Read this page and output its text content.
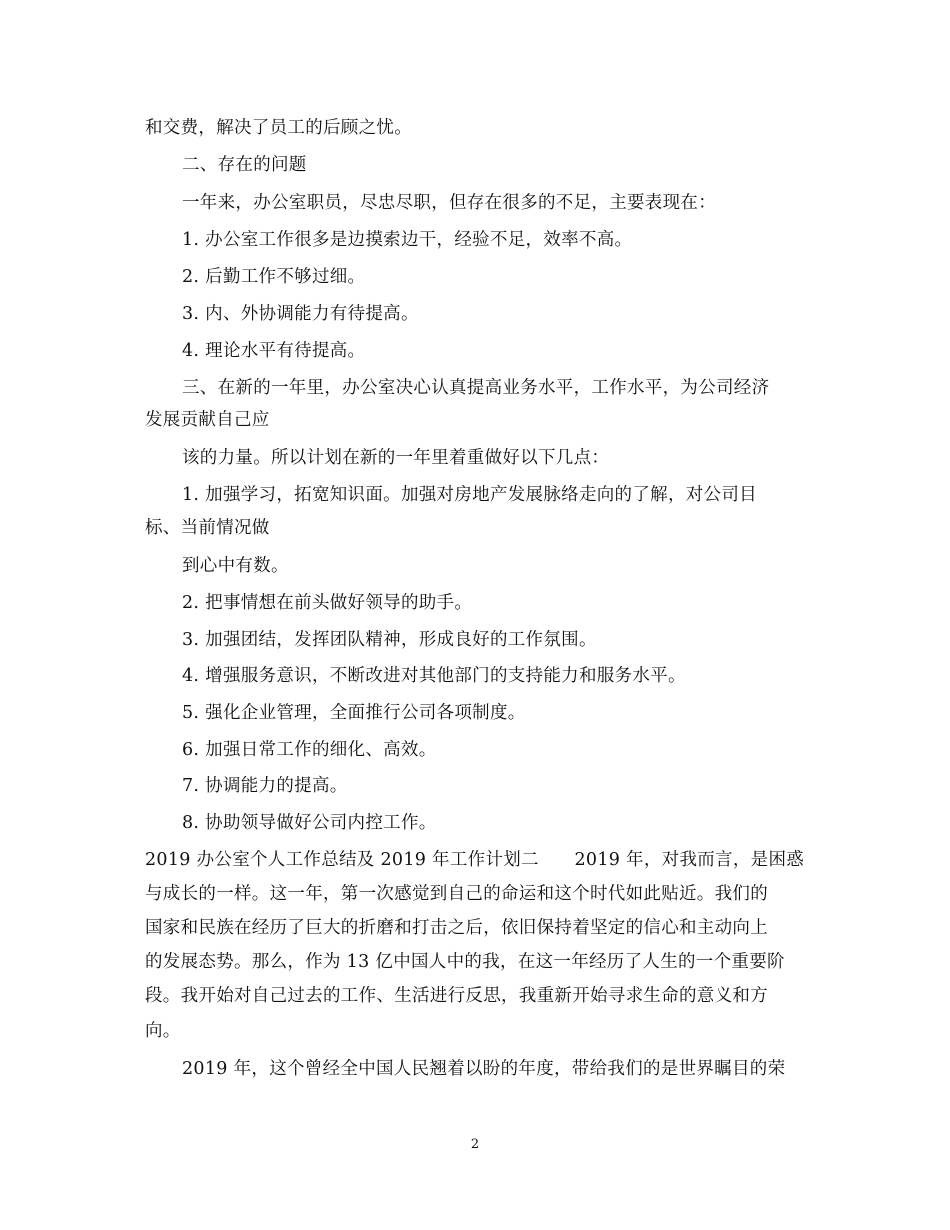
和交费，解决了员工的后顾之忧。
二、存在的问题
一年来，办公室职员，尽忠尽职，但存在很多的不足，主要表现在：
1. 办公室工作很多是边摸索边干，经验不足，效率不高。
2. 后勤工作不够过细。
3. 内、外协调能力有待提高。
4. 理论水平有待提高。
三、在新的一年里，办公室决心认真提高业务水平，工作水平，为公司经济
发展贡献自己应
该的力量。所以计划在新的一年里着重做好以下几点：
1. 加强学习，拓宽知识面。加强对房地产发展脉络走向的了解，对公司目
标、当前情况做
到心中有数。
2. 把事情想在前头做好领导的助手。
3. 加强团结，发挥团队精神，形成良好的工作氛围。
4. 增强服务意识，不断改进对其他部门的支持能力和服务水平。
5. 强化企业管理，全面推行公司各项制度。
6. 加强日常工作的细化、高效。
7. 协调能力的提高。
8. 协助领导做好公司内控工作。
2019 办公室个人工作总结及 2019 年工作计划二　　2019 年，对我而言，是困惑
与成长的一样。这一年，第一次感觉到自己的命运和这个时代如此贴近。我们的
国家和民族在经历了巨大的折磨和打击之后，依旧保持着坚定的信心和主动向上
的发展态势。那么，作为 13 亿中国人中的我，在这一年经历了人生的一个重要阶
段。我开始对自己过去的工作、生活进行反思，我重新开始寻求生命的意义和方
向。
2019 年，这个曾经全中国人民翘着以盼的年度，带给我们的是世界瞩目的荣
2
